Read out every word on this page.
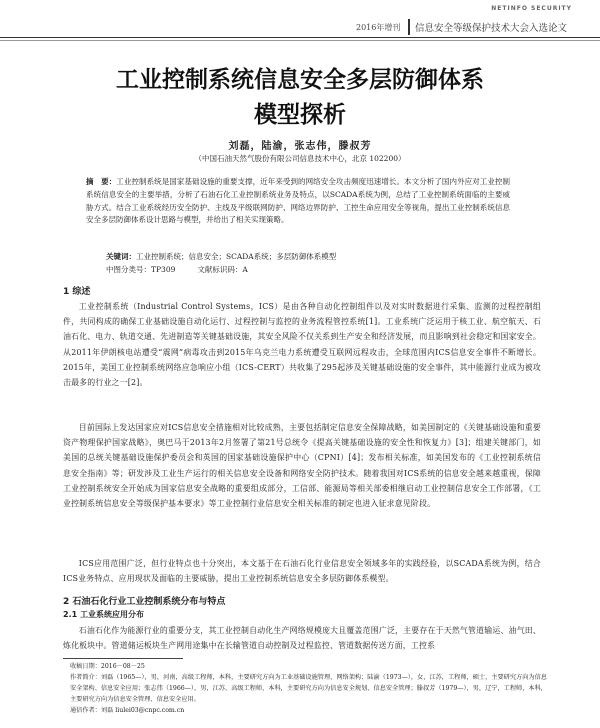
NETINFO SECURITY
2016年增刊 信息安全等级保护技术大会入选论文
工业控制系统信息安全多层防御体系
模型探析
刘磊，陆渝，张志伟，滕叔芳
（中国石油天然气股份有限公司信息技术中心，北京 102200）
摘　要：工业控制系统是国家基础设施的重要支撑，近年来受到的网络安全攻击频度迅速增长。本文分析了国内外应对工业控制系统信息安全的主要举措，分析了石油石化工业控制系统业务及特点，以SCADA系统为例，总结了工业控制系统面临的主要威胁方式。结合工业系统经历安全防护、主线及平级联网防护、网络边界防护、工控生命应用安全等视角，提出工业控制系统信息安全多层防御体系设计思路与模型，并给出了相关实现策略。
关键词：工业控制系统；信息安全；SCADA系统；多层防御体系模型
中图分类号：TP309	文献标识码：A
1 综述
工业控制系统（Industrial Control Systems，ICS）是由各种自动化控制组件以及对实时数据进行采集、监测的过程控制组件，共同构成的确保工业基础设施自动化运行、过程控制与监控的业务流程管控系统[1]。工业系统广泛运用于核工业、航空航天、石油石化、电力、轨道交通、先进制造等关键基础设施，其安全风险不仅关系到生产安全和经济发展，而且影响到社会稳定和国家安全。从2011年伊朗核电站遭受“震网”病毒攻击到2015年乌克兰电力系统遭受互联网远程攻击，全球范围内ICS信息安全事件不断增长。2015年，美国工业控制系统网络应急响应小组（ICS-CERT）共收集了295起涉及关键基础设施的安全事件，其中能源行业成为被攻击最多的行业之一[2]。
目前国际上发达国家应对ICS信息安全措施相对比较成熟，主要包括制定信息安全保障战略，如美国制定的《关键基础设施和重要资产物理保护国家战略》，奥巴马于2013年2月签署了第21号总统令《提高关键基础设施的安全性和恢复力》[3]；组建关键部门，如美国的总统关键基础设施保护委员会和英国的国家基础设施保护中心（CPNI）[4]；发布相关标准，如美国发布的《工业控制系统信息安全指南》等；研发涉及工业生产运行的相关信息安全设备和网络安全防护技术。随着我国对ICS系统的信息安全越来越重视，保障工业控制系统安全开始成为国家信息安全战略的重要组成部分，工信部、能源局等相关部委相继启动工业控制信息安全工作部署，《工业控制系统信息安全等级保护基本要求》等工业控制行业信息安全相关标准的制定也进入征求意见阶段。
ICS应用范围广泛，但行业特点也十分突出，本文基于在石油石化行业信息安全领域多年的实践经验，以SCADA系统为例，结合ICS业务特点、应用现状及面临的主要威胁，提出工业控制系统信息安全多层防御体系模型。
2 石油石化行业工业控制系统分布与特点
2.1 工业系统应用分布
石油石化作为能源行业的重要分支，其工业控制自动化生产网络规模庞大且覆盖范围广泛，主要存在于天然气管道输运、油气田、炼化板块中。管道储运板块生产网用途集中在长输管道自动控制及过程监控、管道数据传送方面，工控系
收稿日期：2016－08－25
作者简介：刘磊（1965—），男，河南，高级工程师，本科，主要研究方向为工业基础设施管理、网络架构；陆渝（1973—），女，江苏，工程师，硕士，主要研究方向为信息安全架构、信息安全应用；张志伟（1966—），男，江苏，高级工程师，本科，主要研究方向为信息安全规划、信息安全管理；滕叔芳（1979—），男，辽宁，工程师，本科，主要研究方向为信息安全管理、信息安全应用。
通信作者：刘磊 liulei03@cnpc.com.cn
